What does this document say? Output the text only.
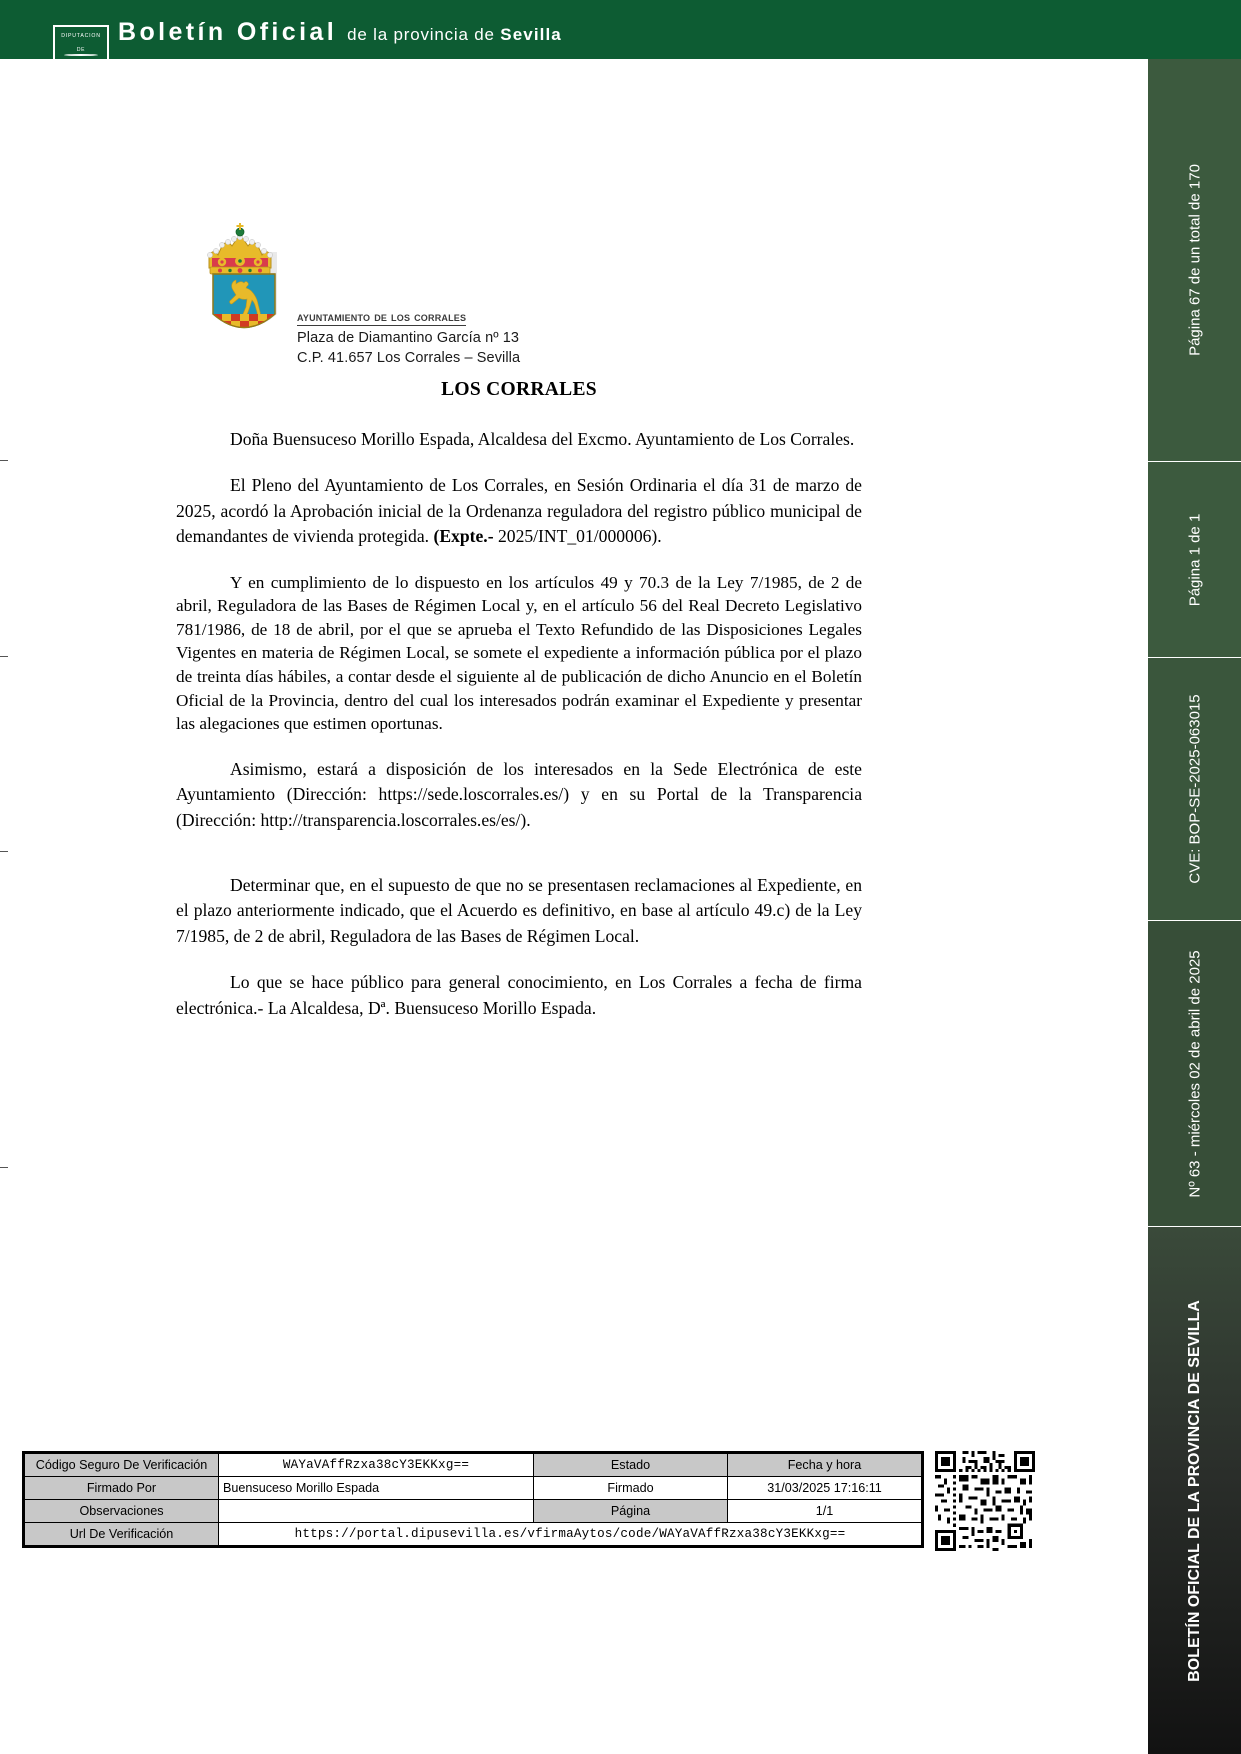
Boletín Oficial de la provincia de Sevilla
DIPUTACION
DE
Página 67 de un total de 170
Página 1 de 1
CVE: BOP-SE-2025-063015
Nº 63 - miércoles 02 de abril de 2025
BOLETÍN OFICIAL DE LA PROVINCIA DE SEVILLA
ayuntamiento de los corrales
Plaza de Diamantino García nº 13
C.P. 41.657 Los Corrales – Sevilla
LOS CORRALES

Doña Buensuceso Morillo Espada, Alcaldesa del Excmo. Ayuntamiento de Los Corrales.

El Pleno del Ayuntamiento de Los Corrales, en Sesión Ordinaria el día 31 de marzo de 2025, acordó la Aprobación inicial de la Ordenanza reguladora del registro público municipal de demandantes de vivienda protegida. (Expte.- 2025/INT_01/000006).

Y en cumplimiento de lo dispuesto en los artículos 49 y 70.3 de la Ley 7/1985, de 2 de abril, Reguladora de las Bases de Régimen Local y, en el artículo 56 del Real Decreto Legislativo 781/1986, de 18 de abril, por el que se aprueba el Texto Refundido de las Disposiciones Legales Vigentes en materia de Régimen Local, se somete el expediente a información pública por el plazo de treinta días hábiles, a contar desde el siguiente al de publicación de dicho Anuncio en el Boletín Oficial de la Provincia, dentro del cual los interesados podrán examinar el Expediente y presentar las alegaciones que estimen oportunas.

Asimismo, estará a disposición de los interesados en la Sede Electrónica de este Ayuntamiento (Dirección: https://sede.loscorrales.es/) y en su Portal de la Transparencia (Dirección: http://transparencia.loscorrales.es/es/).

Determinar que, en el supuesto de que no se presentasen reclamaciones al Expediente, en el plazo anteriormente indicado, que el Acuerdo es definitivo, en base al artículo 49.c) de la Ley 7/1985, de 2 de abril, Reguladora de las Bases de Régimen Local.

Lo que se hace público para general conocimiento, en Los Corrales a fecha de firma electrónica.- La Alcaldesa, Dª. Buensuceso Morillo Espada.

Código Seguro De Verificación	WAYaVAffRzxa38cY3EKKxg==	Estado	Fecha y hora
Firmado Por	Buensuceso Morillo Espada	Firmado	31/03/2025 17:16:11
Observaciones		Página	1/1
Url De Verificación	https://portal.dipusevilla.es/vfirmaAytos/code/WAYaVAffRzxa38cY3EKKxg==		
